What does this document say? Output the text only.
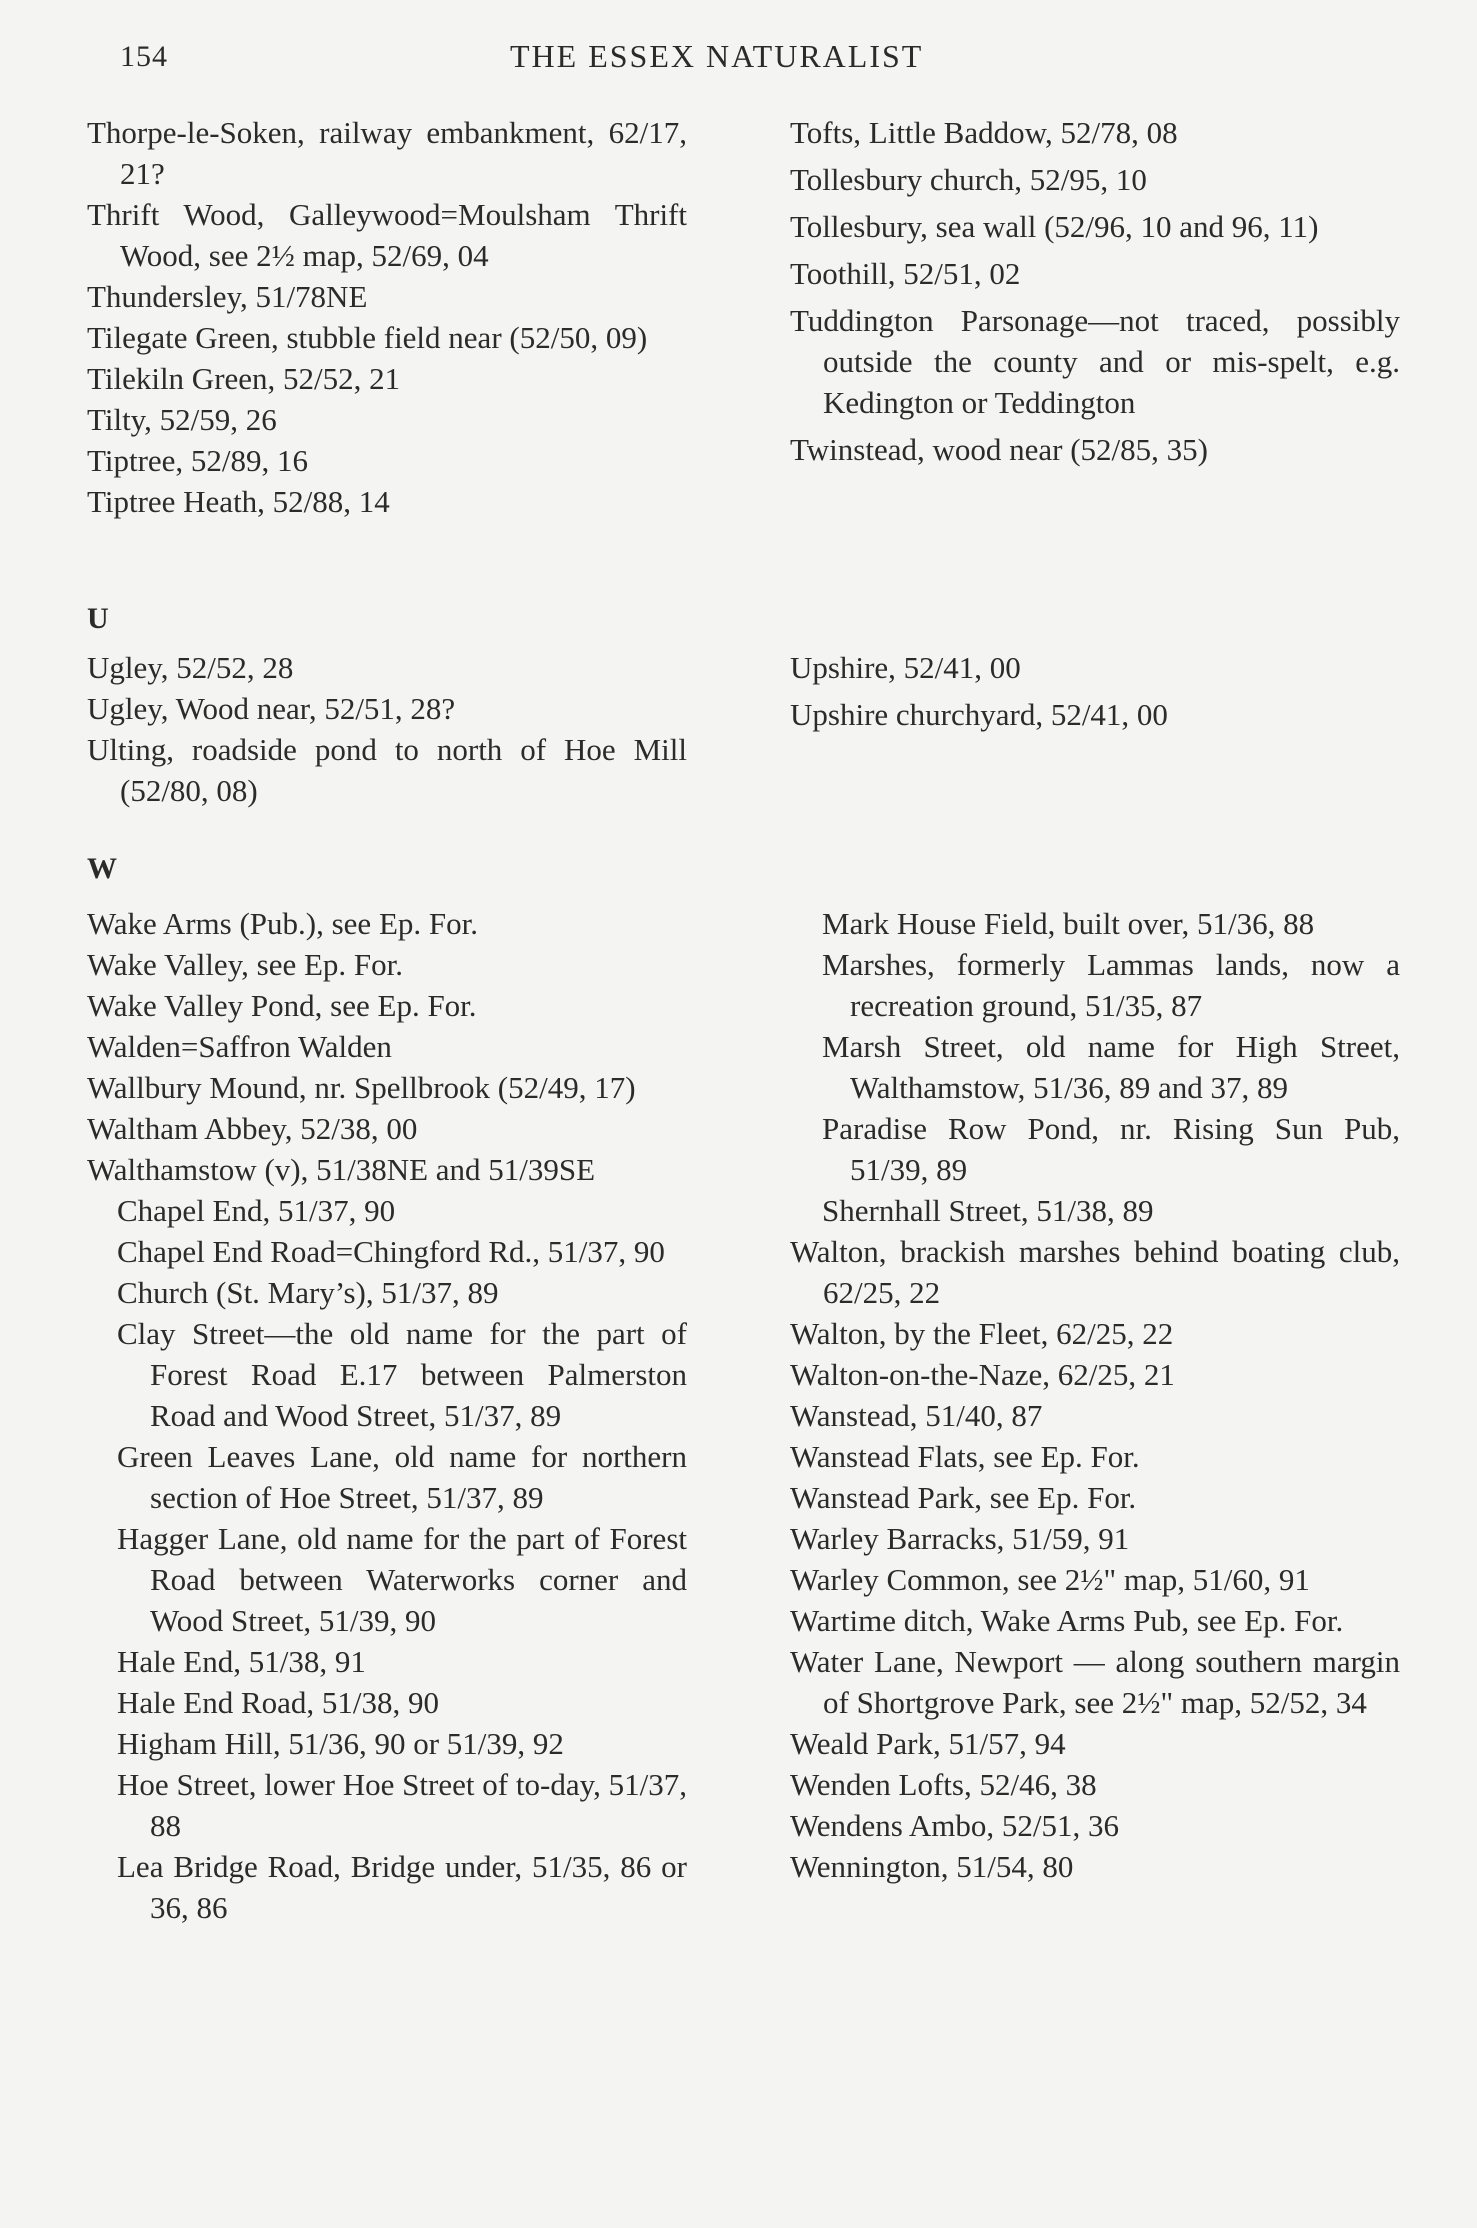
154	THE ESSEX NATURALIST

Thorpe-le-Soken, railway embankment, 62/17, 21?

Thrift Wood, Galleywood=Moulsham Thrift Wood, see 2½ map, 52/69, 04

Thundersley, 51/78NE

Tilegate Green, stubble field near (52/50, 09)

Tilekiln Green, 52/52, 21

Tilty, 52/59, 26

Tiptree, 52/89, 16

Tiptree Heath, 52/88, 14

Tofts, Little Baddow, 52/78, 08

Tollesbury church, 52/95, 10

Tollesbury, sea wall (52/96, 10 and 96, 11)

Toothill, 52/51, 02

Tuddington Parsonage—not traced, possibly outside the county and or mis-spelt, e.g. Kedington or Teddington

Twinstead, wood near (52/85, 35)

U

Ugley, 52/52, 28

Ugley, Wood near, 52/51, 28?

Ulting, roadside pond to north of Hoe Mill (52/80, 08)

Upshire, 52/41, 00

Upshire churchyard, 52/41, 00

W

Wake Arms (Pub.), see Ep. For.

Wake Valley, see Ep. For.

Wake Valley Pond, see Ep. For.

Walden=Saffron Walden

Wallbury Mound, nr. Spellbrook (52/49, 17)

Waltham Abbey, 52/38, 00

Walthamstow (v), 51/38NE and 51/39SE

Chapel End, 51/37, 90

Chapel End Road=Chingford Rd., 51/37, 90

Church (St. Mary’s), 51/37, 89

Clay Street—the old name for the part of Forest Road E.17 between Palmerston Road and Wood Street, 51/37, 89

Green Leaves Lane, old name for northern section of Hoe Street, 51/37, 89

Hagger Lane, old name for the part of Forest Road between Waterworks corner and Wood Street, 51/39, 90

Hale End, 51/38, 91

Hale End Road, 51/38, 90

Higham Hill, 51/36, 90 or 51/39, 92

Hoe Street, lower Hoe Street of to-day, 51/37, 88

Lea Bridge Road, Bridge under, 51/35, 86 or 36, 86

Mark House Field, built over, 51/36, 88

Marshes, formerly Lammas lands, now a recreation ground, 51/35, 87

Marsh Street, old name for High Street, Walthamstow, 51/36, 89 and 37, 89

Paradise Row Pond, nr. Rising Sun Pub, 51/39, 89

Shernhall Street, 51/38, 89

Walton, brackish marshes behind boating club, 62/25, 22

Walton, by the Fleet, 62/25, 22

Walton-on-the-Naze, 62/25, 21

Wanstead, 51/40, 87

Wanstead Flats, see Ep. For.

Wanstead Park, see Ep. For.

Warley Barracks, 51/59, 91

Warley Common, see 2½" map, 51/60, 91

Wartime ditch, Wake Arms Pub, see Ep. For.

Water Lane, Newport — along southern margin of Shortgrove Park, see 2½" map, 52/52, 34

Weald Park, 51/57, 94

Wenden Lofts, 52/46, 38

Wendens Ambo, 52/51, 36

Wennington, 51/54, 80
